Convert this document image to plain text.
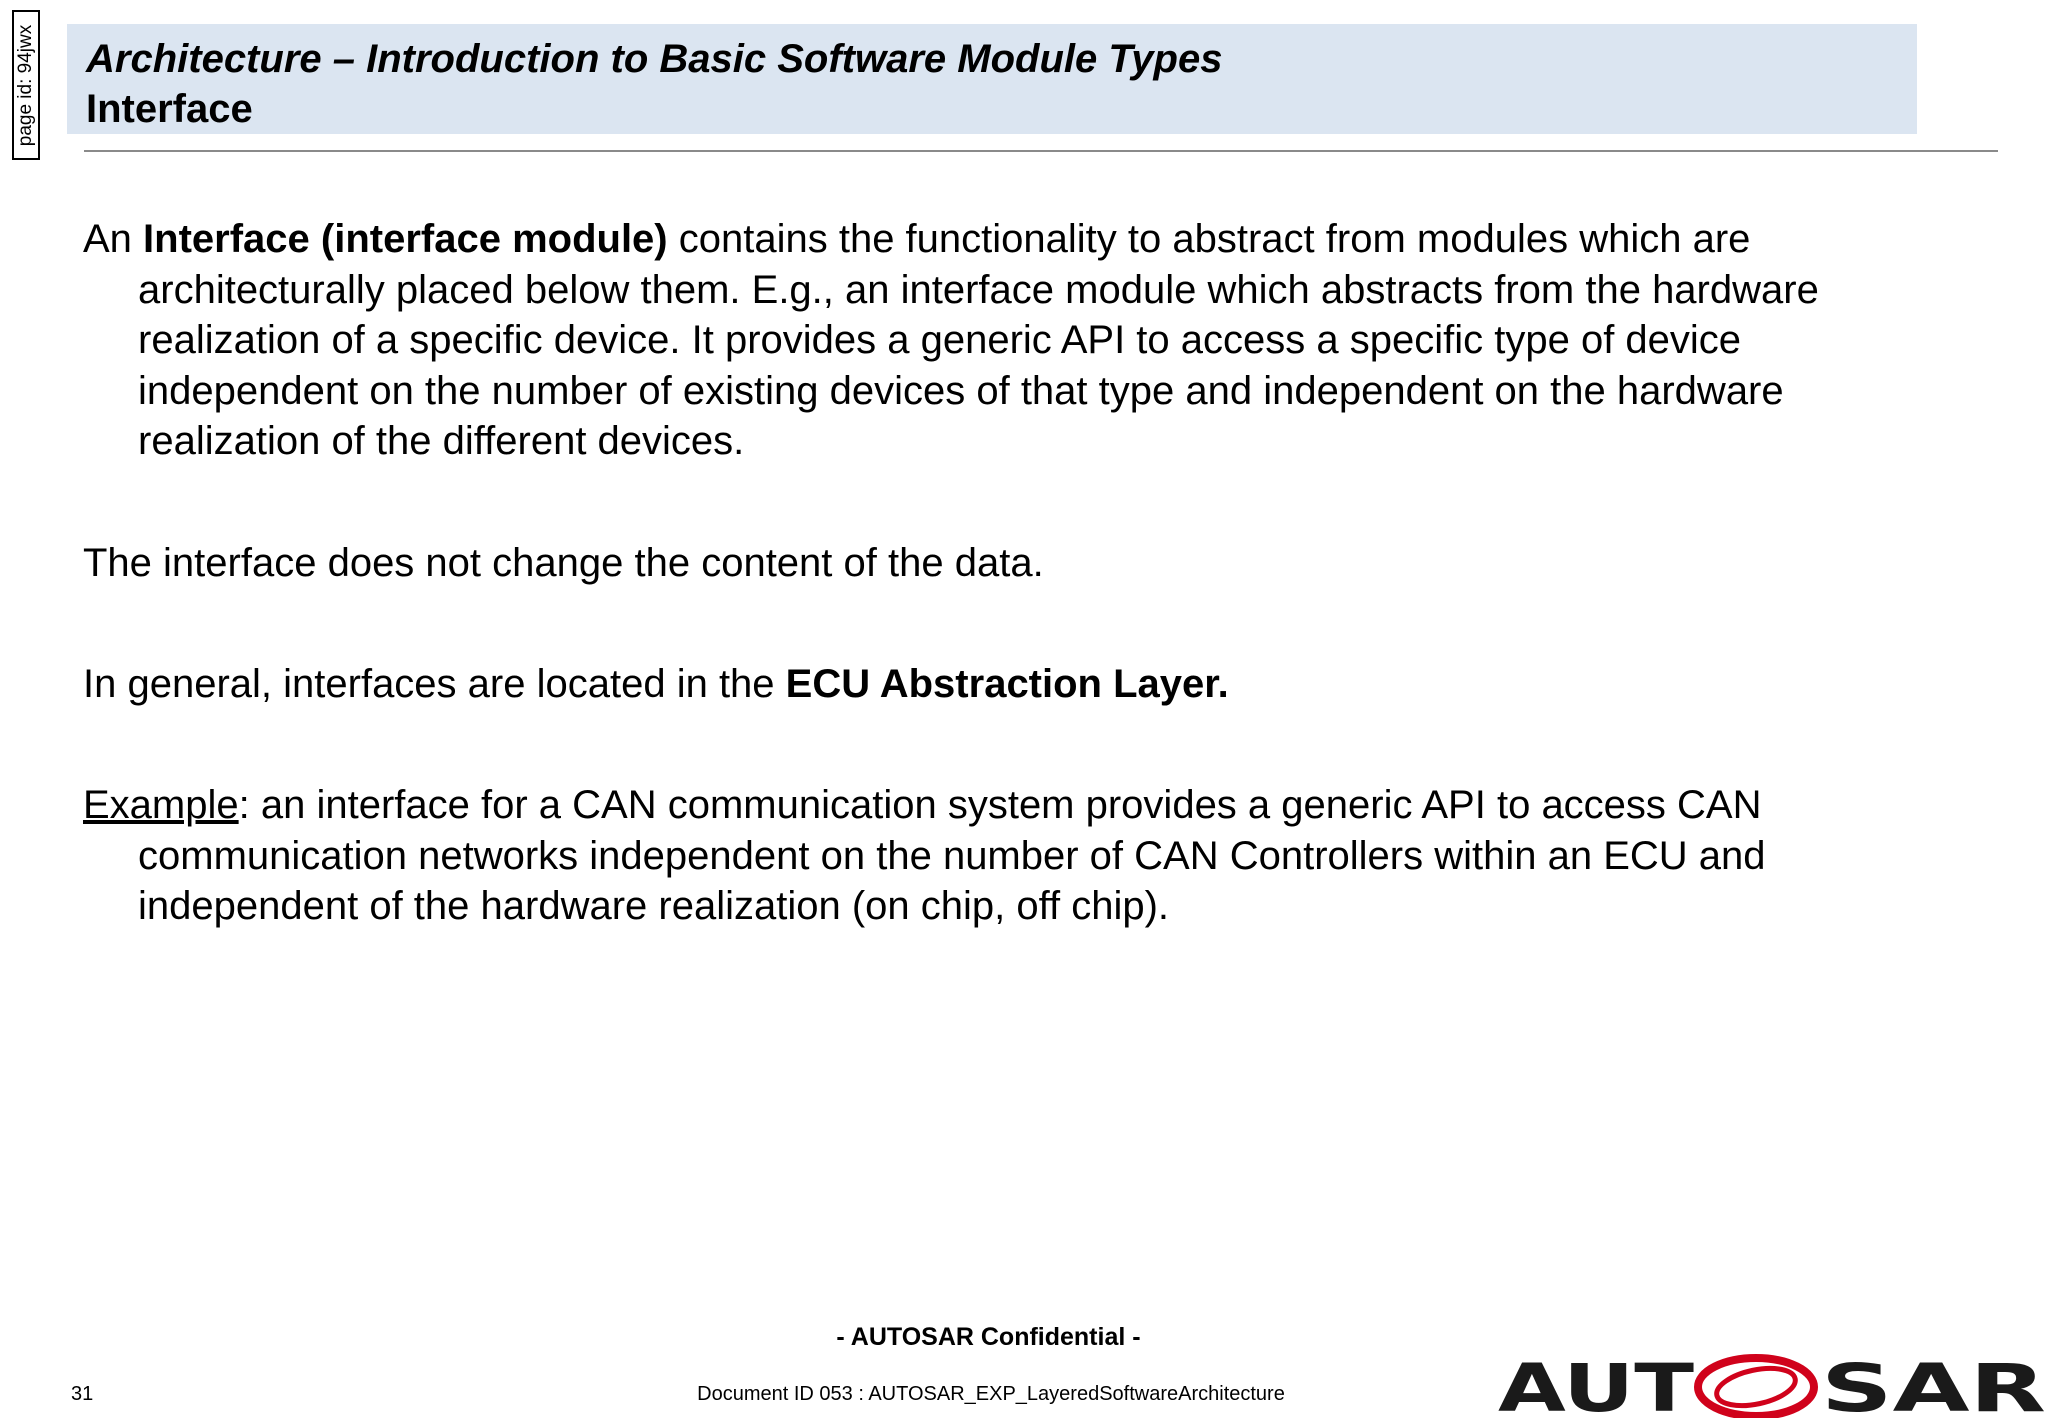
page id: 94jwx Architecture – Introduction to Basic Software Module Types
Interface
An Interface (interface module) contains the functionality to abstract from modules which are architecturally placed below them. E.g., an interface module which abstracts from the hardware realization of a specific device. It provides a generic API to access a specific type of device independent on the number of existing devices of that type and independent on the hardware realization of the different devices.
The interface does not change the content of the data.
In general, interfaces are located in the ECU Abstraction Layer.
Example: an interface for a CAN communication system provides a generic API to access CAN communication networks independent on the number of CAN Controllers within an ECU and independent of the hardware realization (on chip, off chip).
- AUTOSAR Confidential -
31	Document ID 053 : AUTOSAR_EXP_LayeredSoftwareArchitecture	AUT SAR
